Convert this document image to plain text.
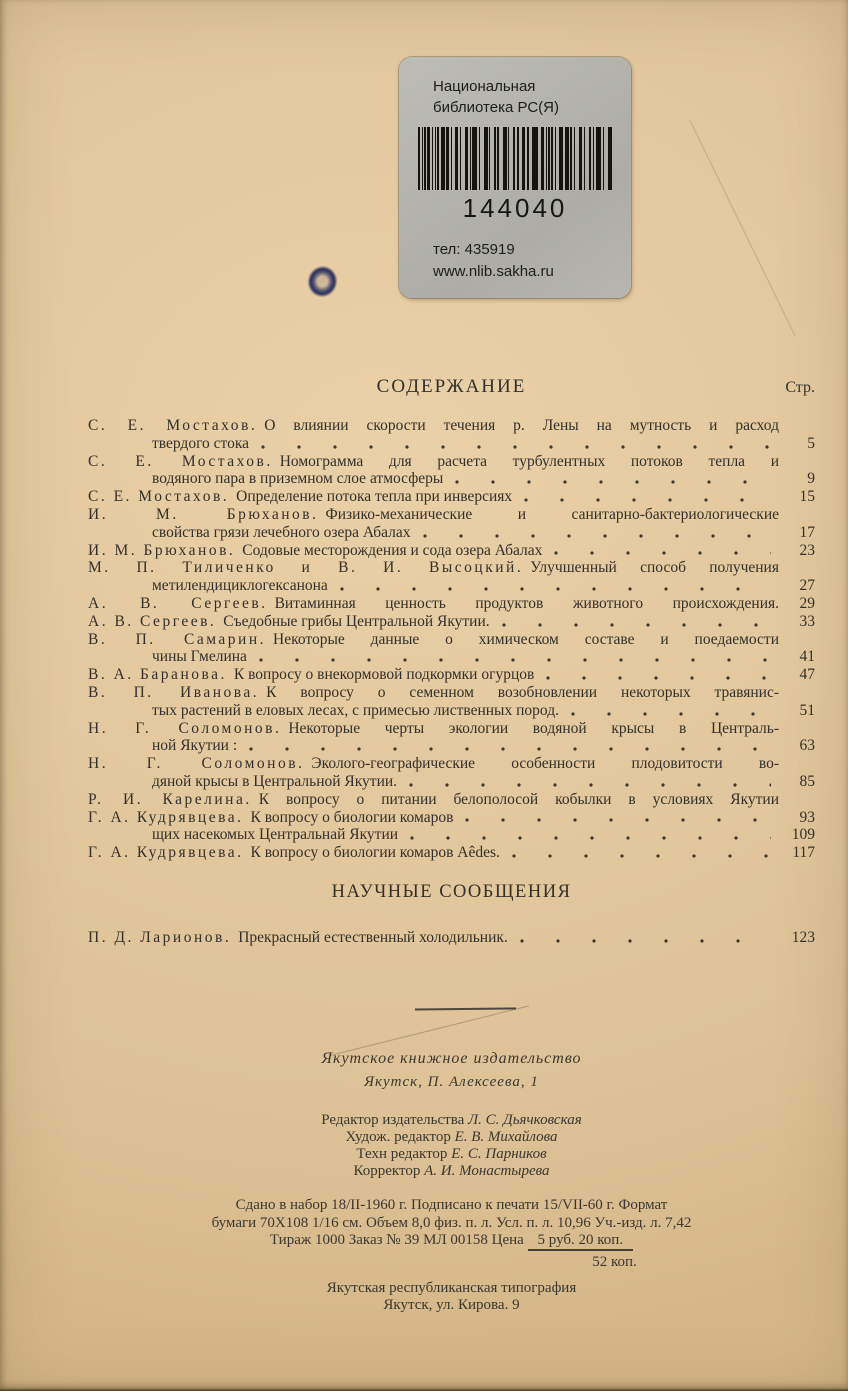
Национальная
библиотека РС(Я)
144040
тел: 435919
www.nlib.sakha.ru
СОДЕРЖАНИЕ	Стр.
С. Е. Мостахов. О влиянии скорости течения р. Лены на мутность и расход
твердого стока	5
С. Е. Мостахов. Номограмма для расчета турбулентных потоков тепла и
водяного пара в приземном слое атмосферы	9
С. Е. Мостахов. Определение потока тепла при инверсиях	15
И. М. Брюханов. Физико-механические и санитарно-бактериологические
свойства грязи лечебного озера Абалах	17
И. М. Брюханов. Содовые месторождения и сода озера Абалах	23
М. П. Тиличенко и В. И. Высоцкий. Улучшенный способ получения
метилендициклогексанона	27
А. В. Сергеев. Витаминная ценность продуктов животного происхождения.	29
А. В. Сергеев. Съедобные грибы Центральной Якутии.	33
В. П. Самарин. Некоторые данные о химическом составе и поедаемости
чины Гмелина	41
В. А. Баранова. К вопросу о внекормовой подкормки огурцов	47
В. П. Иванова. К вопросу о семенном возобновлении некоторых травянис-
тых растений в еловых лесах, с примесью лиственных пород.	51
Н. Г. Соломонов. Некоторые черты экологии водяной крысы в Централь-
ной Якутии :	63
Н. Г. Соломонов. Эколого-географические особенности плодовитости во-
дяной крысы в Центральной Якутии.	85
Р. И. Карелина. К вопросу о питании белополосой кобылки в условиях Якутии
Г. А. Кудрявцева. К вопросу о биологии комаров	93
щих насекомых Центральнай Якутии	109
Г. А. Кудрявцева. К вопросу о биологии комаров Aêdes.	117
НАУЧНЫЕ СООБЩЕНИЯ
П. Д. Ларионов. Прекрасный естественный холодильник.	123
Якутское книжное издательство
Якутск, П. Алексеева, 1
Редактор издательства Л. С. Дьячковская
Худож. редактор Е. В. Михайлова
Техн редактор Е. С. Парников
Корректор А. И. Монастырева
Сдано в набор 18/II-1960 г. Подписано к печати 15/VII-60 г. Формат
бумаги 70Х108 1/16 см. Объем 8,0 физ. п. л. Усл. п. л. 10,96 Уч.-изд. л. 7,42
Тираж 1000 Заказ № 39 МЛ 00158 Цена 5 руб. 20 коп.
52 коп.
Якутская республиканская типография
Якутск, ул. Кирова. 9
